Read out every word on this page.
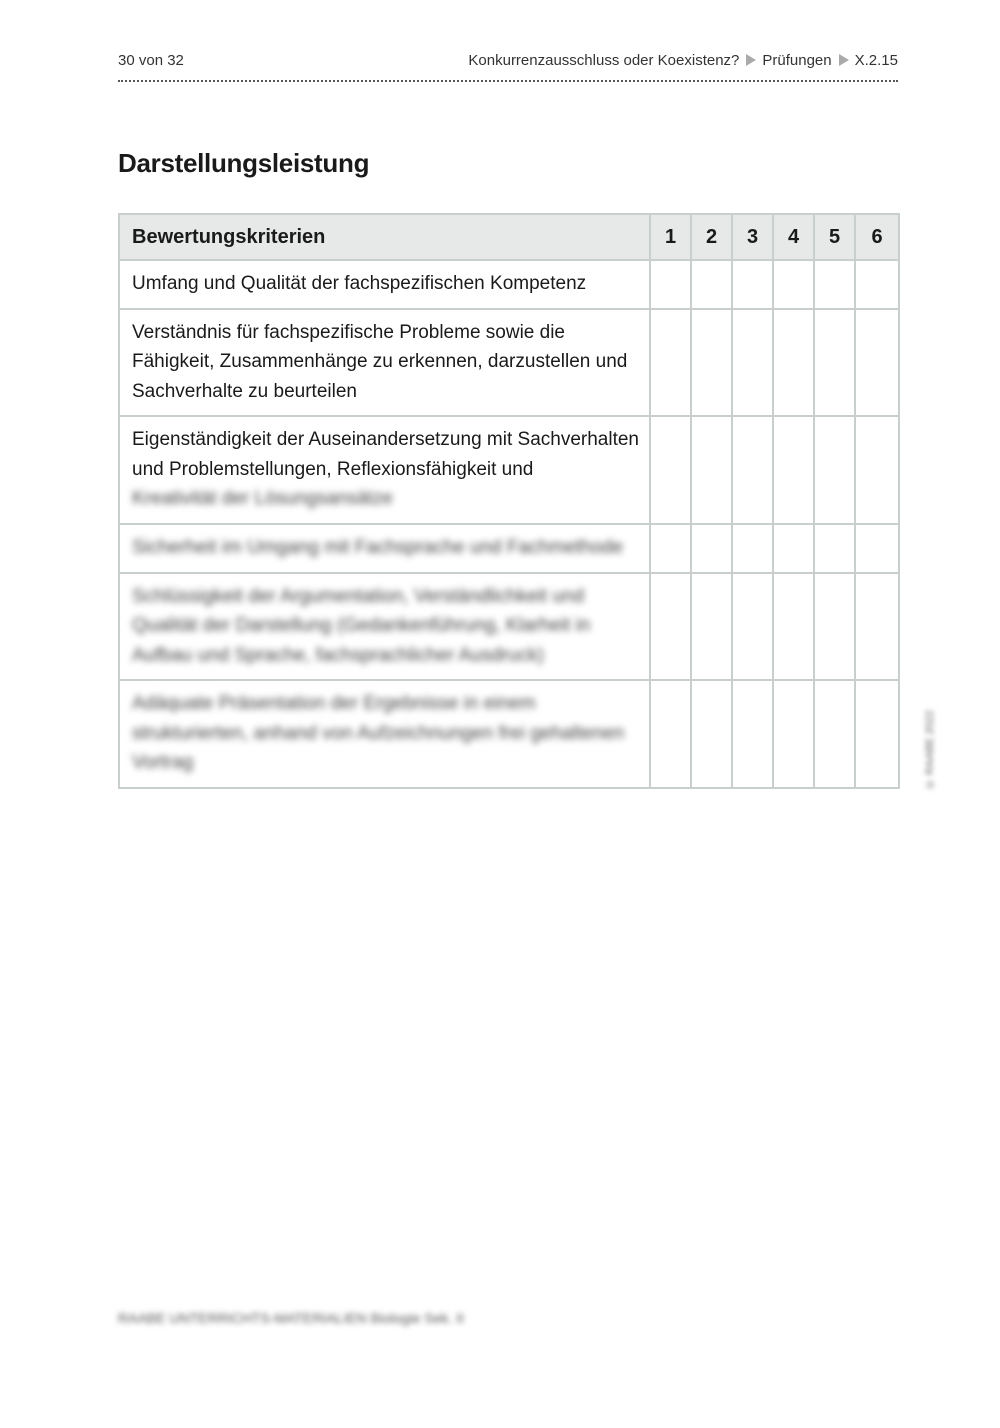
30 von 32	Konkurrenzausschluss oder Koexistenz? Prüfungen X.2.15
Darstellungsleistung
Bewertungskriterien	1	2	3	4	5	6
Umfang und Qualität der fachspezifischen Kompetenz						
Verständnis für fachspezifische Probleme sowie die Fähigkeit, Zusammenhänge zu erkennen, darzustellen und Sachverhalte zu beurteilen						

Eigenständigkeit der Auseinandersetzung mit Sachverhalten und Problemstellungen, Reflexionsfähigkeit und
Kreativität der Lösungsansätze						

Sicherheit im Umgang mit Fachsprache und Fachmethode						
Schlüssigkeit der Argumentation, Verständlichkeit und Qualität der Darstellung (Gedankenführung, Klarheit in Aufbau und Sprache, fachsprachlicher Ausdruck)						
Adäquate Präsentation der Ergebnisse in einem strukturierten, anhand von Aufzeichnungen frei gehaltenen Vortrag							© RAABE 2022
RAABE UNTERRICHTS-MATERIALIEN Biologie Sek. II
